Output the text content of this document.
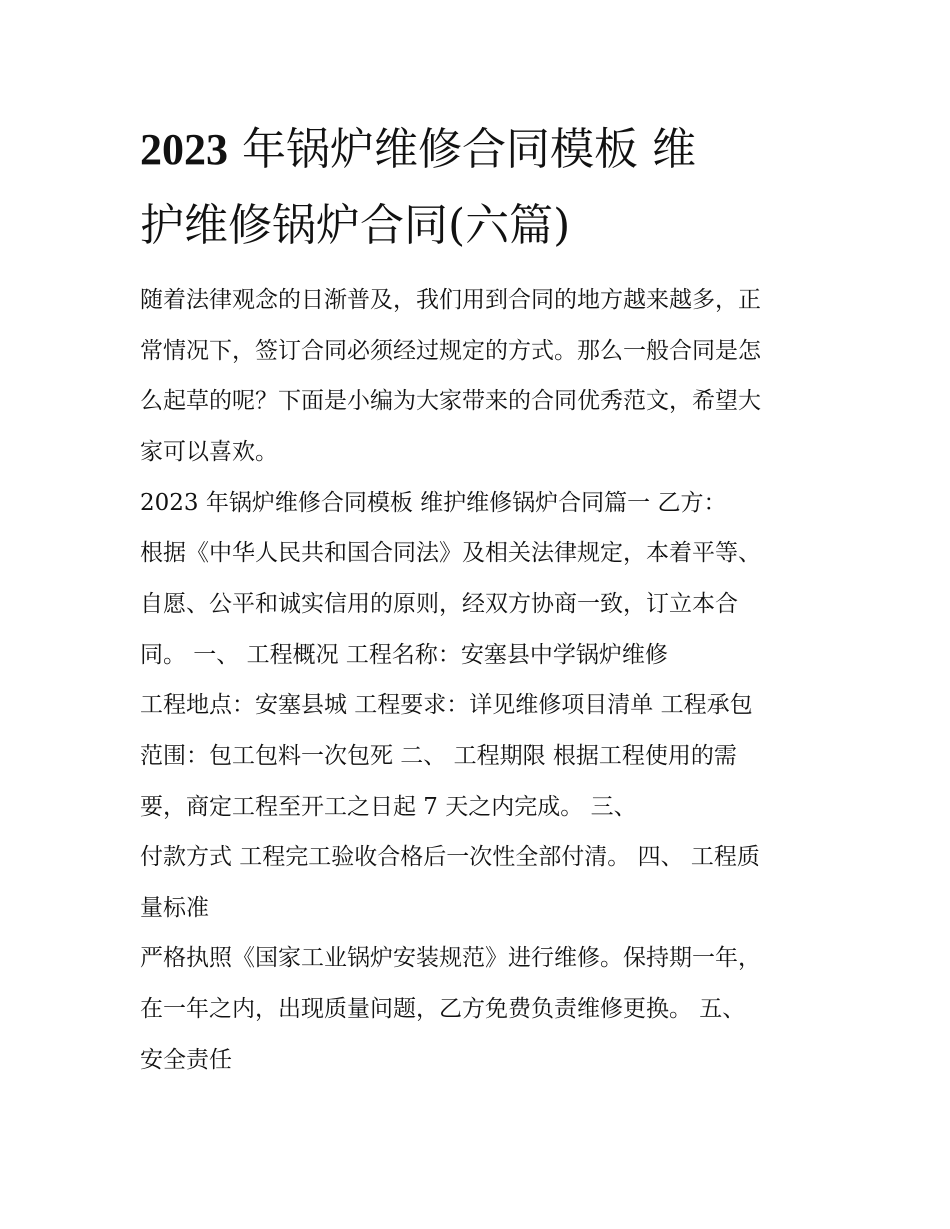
2023 年锅炉维修合同模板 维
护维修锅炉合同(六篇)

随着法律观念的日渐普及，我们用到合同的地方越来越多，正

常情况下，签订合同必须经过规定的方式。那么一般合同是怎

么起草的呢？下面是小编为大家带来的合同优秀范文，希望大

家可以喜欢。

2023 年锅炉维修合同模板 维护维修锅炉合同篇一 乙方：

根据《中华人民共和国合同法》及相关法律规定，本着平等、

自愿、公平和诚实信用的原则，经双方协商一致，订立本合

同。 一、 工程概况 工程名称：安塞县中学锅炉维修

工程地点：安塞县城 工程要求：详见维修项目清单 工程承包

范围：包工包料一次包死 二、 工程期限 根据工程使用的需

要，商定工程至开工之日起 7 天之内完成。 三、

付款方式 工程完工验收合格后一次性全部付清。 四、 工程质

量标准

严格执照《国家工业锅炉安装规范》进行维修。保持期一年，

在一年之内，出现质量问题，乙方免费负责维修更换。 五、

安全责任
